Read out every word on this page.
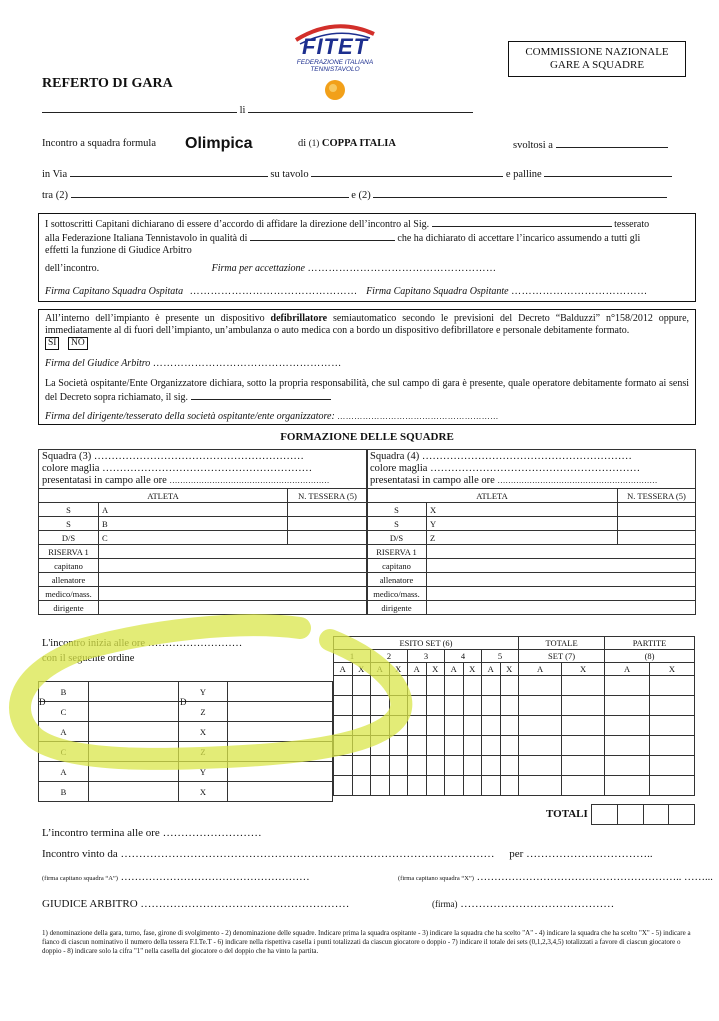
FITET
FEDERAZIONE ITALIANA
TENNISTAVOLO
COMMISSIONE NAZIONALE
GARE A SQUADRE
REFERTO DI GARA
li
Incontro a squadra formula Olimpica	di (1) COPPA ITALIA	svoltosi a
in Via	su tavolo	e palline
tra (2)	e (2)

I sottoscritti Capitani dichiarano di essere d’accordo di affidare la direzione dell’incontro al Sig.	tesserato

alla Federazione Italiana Tennistavolo in qualità di	che ha dichiarato di accettare l’incarico assumendo a tutti gli

effetti la funzione di Giudice Arbitro

dell’incontro.	Firma per accettazione ………………………………………………

Firma Capitano Squadra Ospitata ………………………………………… Firma Capitano Squadra Ospitante …………………………………

All’interno dell’impianto è presente un dispositivo defibrillatore semiautomatico secondo le previsioni del Decreto “Balduzzi” n°158/2012 oppure, immediatamente al di fuori dell’impianto, un’ambulanza o auto medica con a bordo un dispositivo defibrillatore e personale debitamente formato.

SI NO

Firma del Giudice Arbitro ………………………………………………

La Società ospitante/Ente Organizzatore dichiara, sotto la propria responsabilità, che sul campo di gara è presente, quale operatore debitamente formato ai sensi del Decreto sopra richiamato, il sig.

Firma del dirigente/tesserato della società ospitante/ente organizzatore: …………………………………………………

FORMAZIONE DELLE SQUADRE
Squadra (3) ……………………………………………………
colore maglia ……………………………………………………
presentatasi in campo alle ore ……………………………………………………
ATLETA		N. TESSERA (5)
S	A	
S	B	
D/S	C	
RISERVA 1		
capitano		
allenatore		
medico/mass.		
dirigente		
Squadra (4) ……………………………………………………
colore maglia ……………………………………………………
presentatasi in campo alle ore ……………………………………………………
ATLETA		N. TESSERA (5)
S	X	
S	Y	
D/S	Z	
RISERVA 1		
capitano		
allenatore		
medico/mass.		
dirigente		
L'incontro inizia alle ore ………………………
con il seguente ordine
ESITO SET (6)										TOTALE		PARTITE	
1		2		3		4		5		SET (7)		(8)	
A	X	A	X	A	X	A	X	A	X	A	X	A	X

B		Y	
C		Z	
A		X	
C		Z	
A		Y	
B		X	
D	D
TOTALI

L’incontro termina alle ore ………………………
Incontro vinto da ………………………………………………………………………………………… per ……………………………..
(firma capitano squadra “A”) ………………………………………………	(firma capitano squadra “X”) ………………………………………………….. ……...
GIUDICE ARBITRO …………………………………………………	(firma) ……………………………………
1) denominazione della gara, turno, fase, girone di svolgimento - 2) denominazione delle squadre. Indicare prima la squadra ospitante - 3) indicare la squadra che ha scelto "A" - 4) indicare la squadra che ha scelto "X" - 5) indicare a fianco di ciascun nominativo il numero della tessera F.I.Te.T - 6) indicare nella rispettiva casella i punti totalizzati da ciascun giocatore o doppio - 7) indicare il totale dei sets (0,1,2,3,4,5) totalizzati a favore di ciascun giocatore o doppio - 8) indicare solo la cifra "1" nella casella del giocatore o del doppio che ha vinto la partita.
